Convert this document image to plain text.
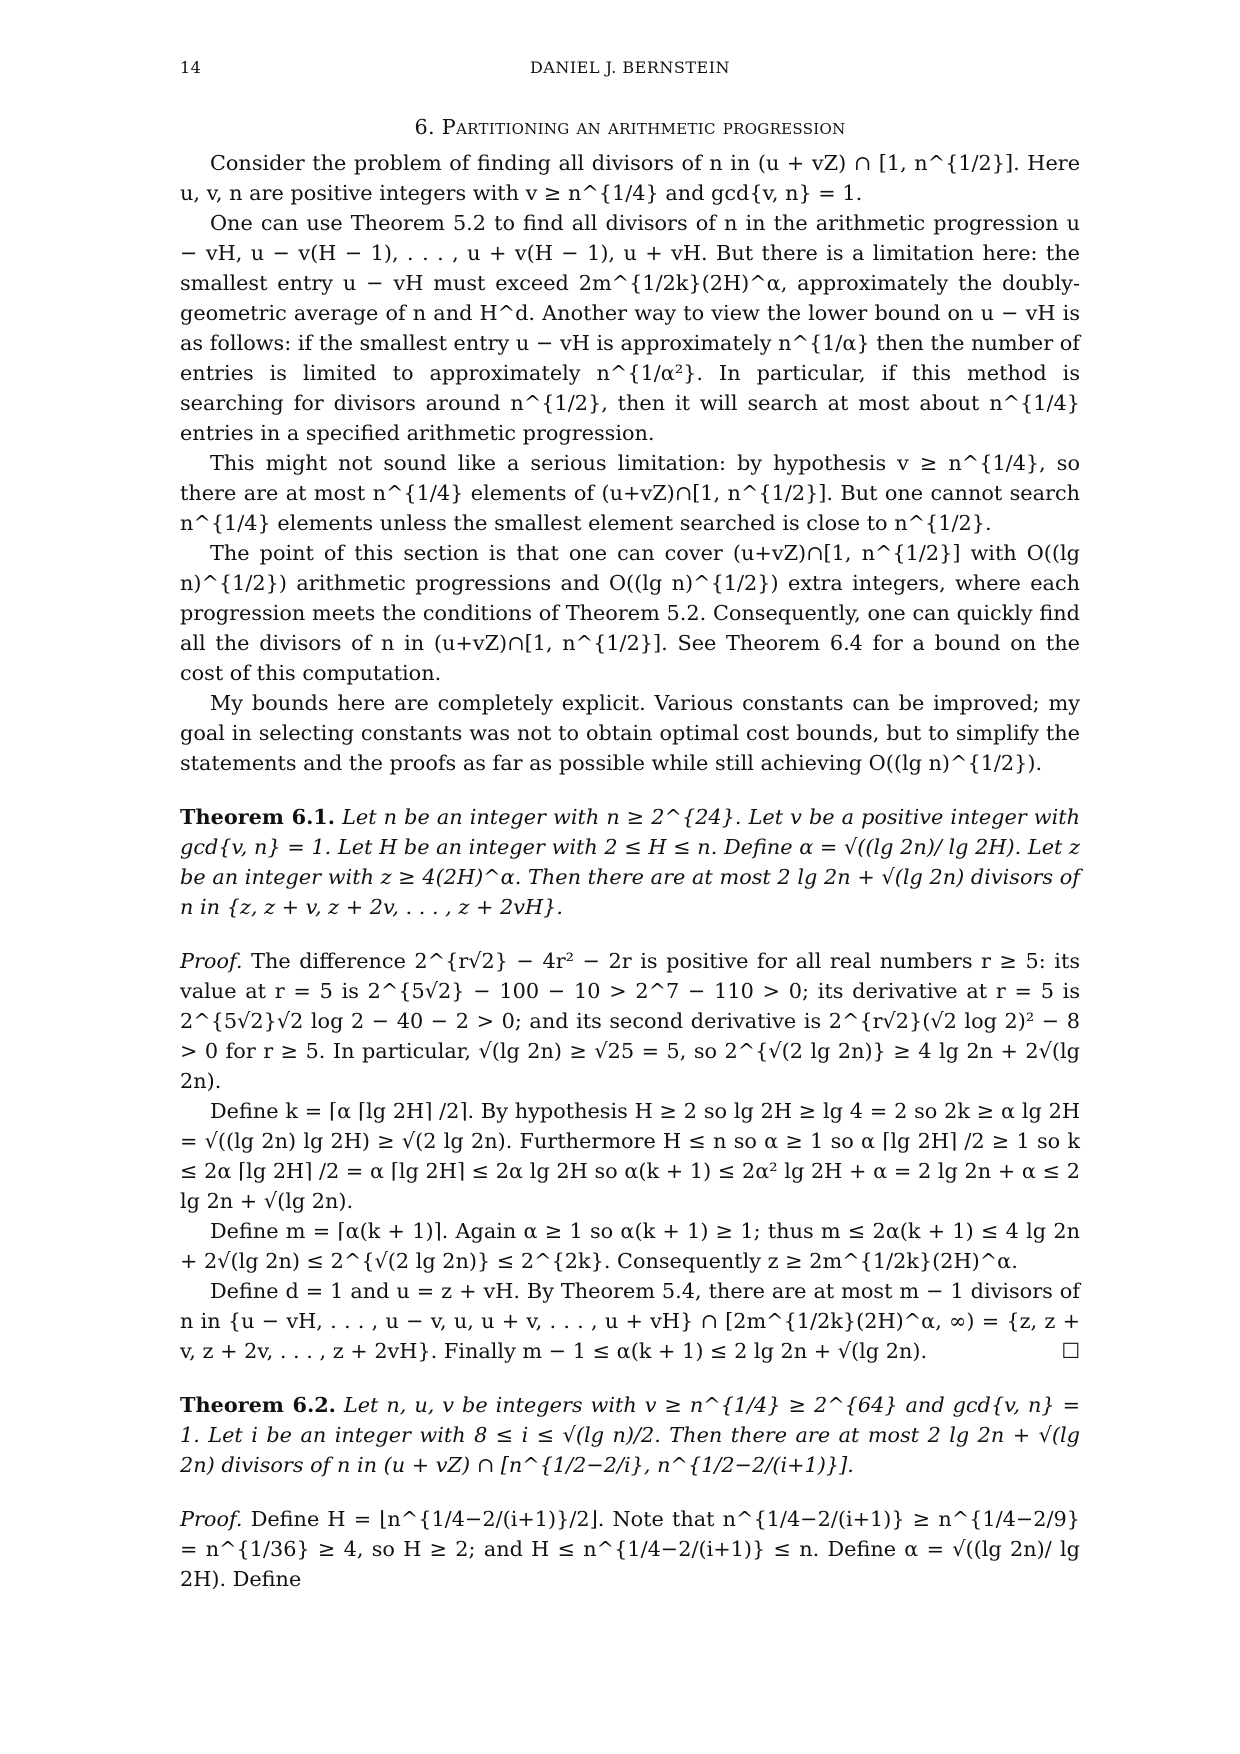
14	DANIEL J. BERNSTEIN
6. Partitioning an arithmetic progression

Consider the problem of finding all divisors of n in (u + vZ) ∩ [1, n^{1/2}]. Here u, v, n are positive integers with v ≥ n^{1/4} and gcd{v, n} = 1.

One can use Theorem 5.2 to find all divisors of n in the arithmetic progression u − vH, u − v(H − 1), . . . , u + v(H − 1), u + vH. But there is a limitation here: the smallest entry u − vH must exceed 2m^{1/2k}(2H)^α, approximately the doubly-geometric average of n and H^d. Another way to view the lower bound on u − vH is as follows: if the smallest entry u − vH is approximately n^{1/α} then the number of entries is limited to approximately n^{1/α²}. In particular, if this method is searching for divisors around n^{1/2}, then it will search at most about n^{1/4} entries in a specified arithmetic progression.

This might not sound like a serious limitation: by hypothesis v ≥ n^{1/4}, so there are at most n^{1/4} elements of (u+vZ)∩[1, n^{1/2}]. But one cannot search n^{1/4} elements unless the smallest element searched is close to n^{1/2}.

The point of this section is that one can cover (u+vZ)∩[1, n^{1/2}] with O((lg n)^{1/2}) arithmetic progressions and O((lg n)^{1/2}) extra integers, where each progression meets the conditions of Theorem 5.2. Consequently, one can quickly find all the divisors of n in (u+vZ)∩[1, n^{1/2}]. See Theorem 6.4 for a bound on the cost of this computation.

My bounds here are completely explicit. Various constants can be improved; my goal in selecting constants was not to obtain optimal cost bounds, but to simplify the statements and the proofs as far as possible while still achieving O((lg n)^{1/2}).

Theorem 6.1. Let n be an integer with n ≥ 2^{24}. Let v be a positive integer with gcd{v, n} = 1. Let H be an integer with 2 ≤ H ≤ n. Define α = √((lg 2n)/ lg 2H). Let z be an integer with z ≥ 4(2H)^α. Then there are at most 2 lg 2n + √(lg 2n) divisors of n in {z, z + v, z + 2v, . . . , z + 2vH}.

Proof. The difference 2^{r√2} − 4r² − 2r is positive for all real numbers r ≥ 5: its value at r = 5 is 2^{5√2} − 100 − 10 > 2^7 − 110 > 0; its derivative at r = 5 is 2^{5√2}√2 log 2 − 40 − 2 > 0; and its second derivative is 2^{r√2}(√2 log 2)² − 8 > 0 for r ≥ 5. In particular, √(lg 2n) ≥ √25 = 5, so 2^{√(2 lg 2n)} ≥ 4 lg 2n + 2√(lg 2n).

Define k = ⌈α ⌈lg 2H⌉ /2⌉. By hypothesis H ≥ 2 so lg 2H ≥ lg 4 = 2 so 2k ≥ α lg 2H = √((lg 2n) lg 2H) ≥ √(2 lg 2n). Furthermore H ≤ n so α ≥ 1 so α ⌈lg 2H⌉ /2 ≥ 1 so k ≤ 2α ⌈lg 2H⌉ /2 = α ⌈lg 2H⌉ ≤ 2α lg 2H so α(k + 1) ≤ 2α² lg 2H + α = 2 lg 2n + α ≤ 2 lg 2n + √(lg 2n).

Define m = ⌈α(k + 1)⌉. Again α ≥ 1 so α(k + 1) ≥ 1; thus m ≤ 2α(k + 1) ≤ 4 lg 2n + 2√(lg 2n) ≤ 2^{√(2 lg 2n)} ≤ 2^{2k}. Consequently z ≥ 2m^{1/2k}(2H)^α.

Define d = 1 and u = z + vH. By Theorem 5.4, there are at most m − 1 divisors of n in {u − vH, . . . , u − v, u, u + v, . . . , u + vH} ∩ [2m^{1/2k}(2H)^α, ∞) = {z, z + v, z + 2v, . . . , z + 2vH}. Finally m − 1 ≤ α(k + 1) ≤ 2 lg 2n + √(lg 2n).	☐

Theorem 6.2. Let n, u, v be integers with v ≥ n^{1/4} ≥ 2^{64} and gcd{v, n} = 1. Let i be an integer with 8 ≤ i ≤ √(lg n)/2. Then there are at most 2 lg 2n + √(lg 2n) divisors of n in (u + vZ) ∩ [n^{1/2−2/i}, n^{1/2−2/(i+1)}].

Proof. Define H = ⌊n^{1/4−2/(i+1)}/2⌋. Note that n^{1/4−2/(i+1)} ≥ n^{1/4−2/9} = n^{1/36} ≥ 4, so H ≥ 2; and H ≤ n^{1/4−2/(i+1)} ≤ n. Define α = √((lg 2n)/ lg 2H). Define
